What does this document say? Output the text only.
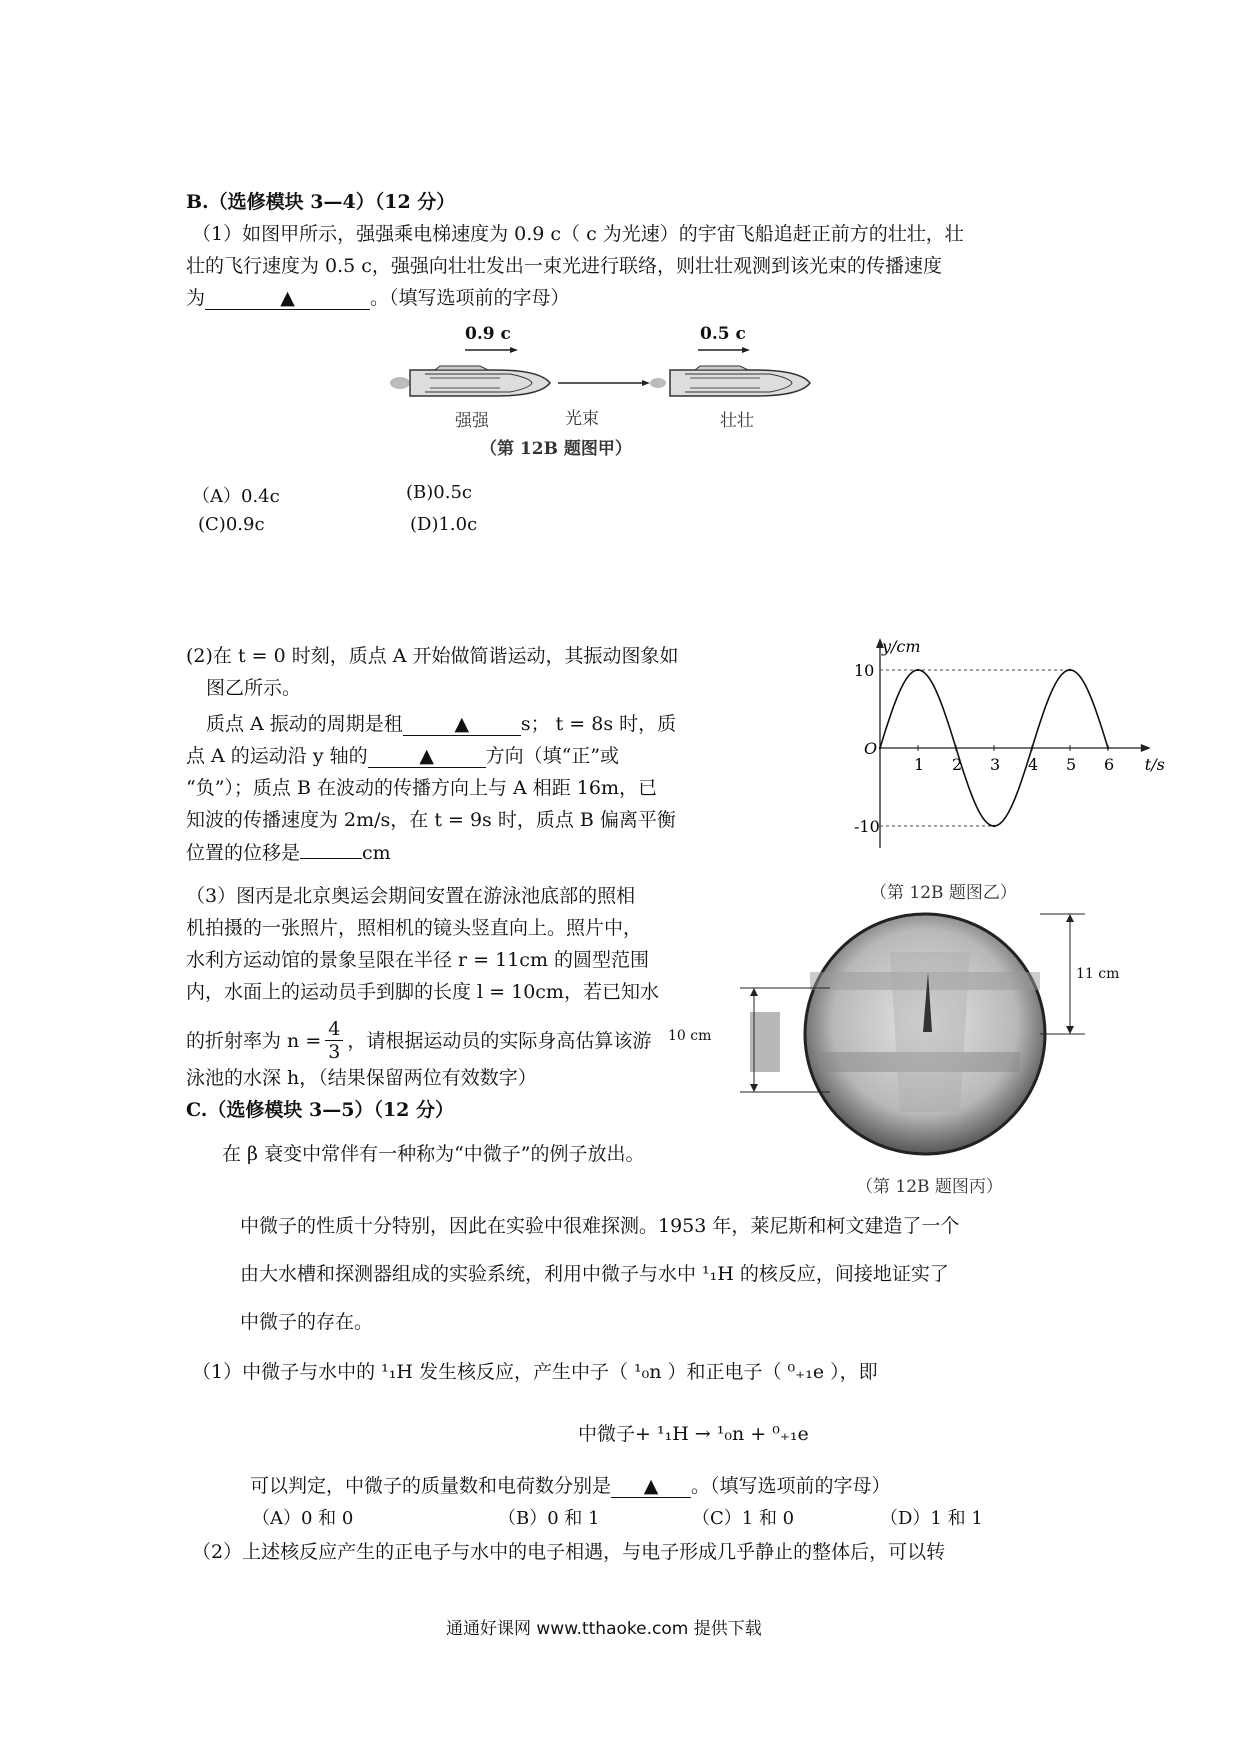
B.（选修模块 3—4）（12 分）
（1）如图甲所示，强强乘电梯速度为 0.9 c（ c 为光速）的宇宙飞船追赶正前方的壮壮，壮
壮的飞行速度为 0.5 c，强强向壮壮发出一束光进行联络，则壮壮观测到该光束的传播速度
为	▲	。（填写选项前的字母）
0.9 c	0.5 c
强强	光束	壮壮
（第 12B 题图甲）
（A）0.4c	(B)0.5c
(C)0.9c	(D)1.0c
(2)在 t = 0 时刻，质点 A 开始做简谐运动，其振动图象如
图乙所示。
质点 A 振动的周期是租	▲	s； t = 8s 时，质
点 A 的运动沿 y 轴的	▲	方向（填“正”或
“负”）；质点 B 在波动的传播方向上与 A 相距 16m，已
知波的传播速度为 2m/s，在 t = 9s 时，质点 B 偏离平衡
位置的位移是	cm
y/cm
t/s
O
10
-10
1 2 3 4 5 6
（第 12B 题图乙）
（3）图丙是北京奥运会期间安置在游泳池底部的照相
机拍摄的一张照片，照相机的镜头竖直向上。照片中，
水利方运动馆的景象呈限在半径 r = 11cm 的圆型范围
内，水面上的运动员手到脚的长度 l = 10cm，若已知水
的折射率为 $n = \frac{4}{3}$ ，请根据运动员的实际身高估算该游
泳池的水深 h，（结果保留两位有效数字）
11 cm
10 cm
（第 12B 题图丙）
C.（选修模块 3—5）（12 分）
在 β 衰变中常伴有一种称为“中微子”的例子放出。
中微子的性质十分特别，因此在实验中很难探测。1953 年，莱尼斯和柯文建造了一个
由大水槽和探测器组成的实验系统，利用中微子与水中 ¹₁H 的核反应，间接地证实了
中微子的存在。
（1）中微子与水中的 ¹₁H 发生核反应，产生中子（ ¹₀n ）和正电子（ ⁰₊₁e ），即
中微子+ ¹₁H → ¹₀n + ⁰₊₁e
可以判定，中微子的质量数和电荷数分别是 ▲ 。（填写选项前的字母）
（A）0 和 0	（B）0 和 1	（C）1 和 0	（D）1 和 1
（2）上述核反应产生的正电子与水中的电子相遇，与电子形成几乎静止的整体后，可以转
通通好课网 www.tthaoke.com 提供下载
